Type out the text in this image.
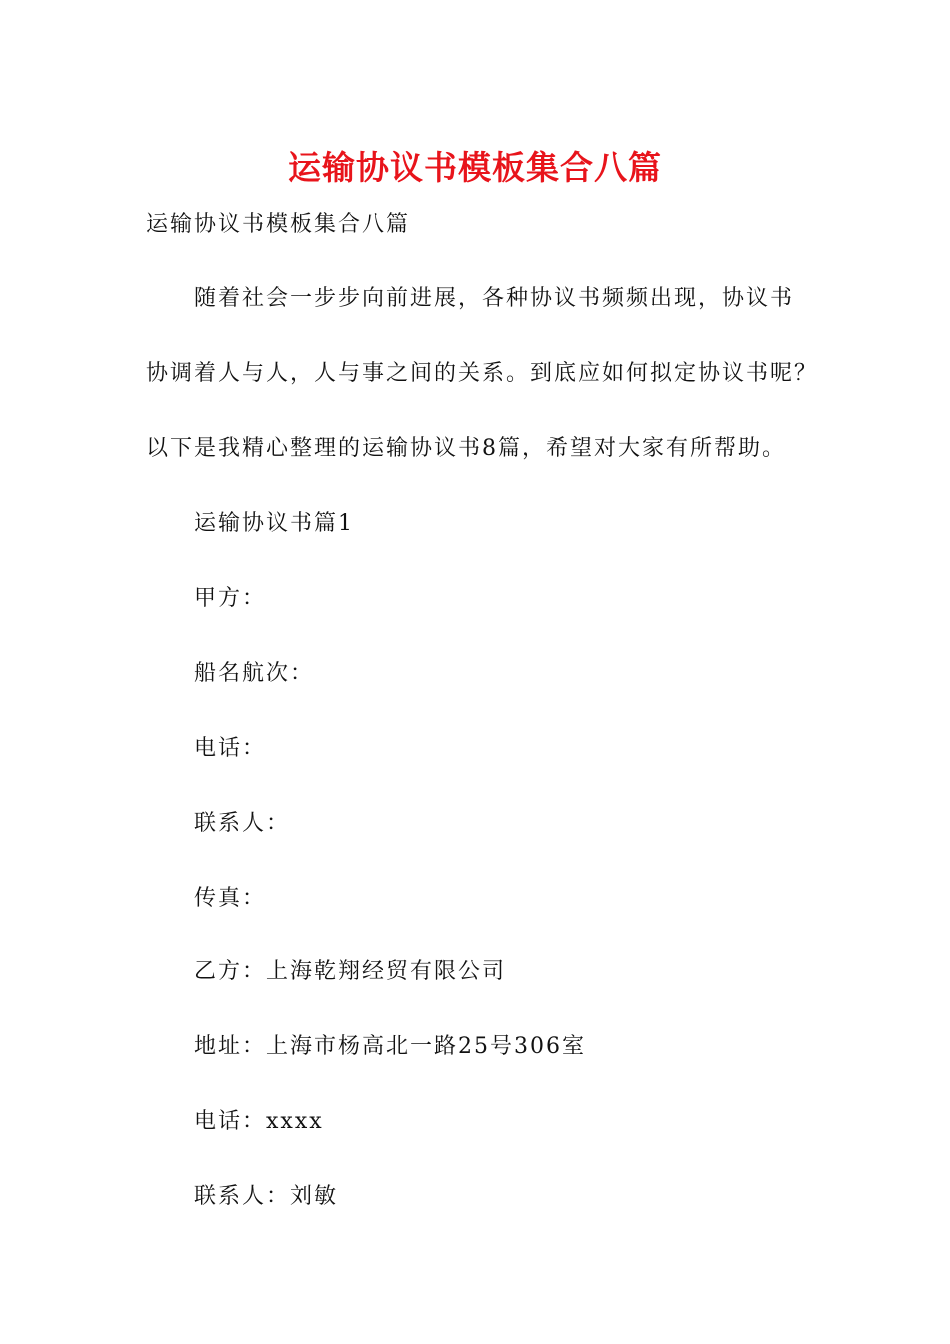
运输协议书模板集合八篇
运输协议书模板集合八篇
随着社会一步步向前进展，各种协议书频频出现，协议书
协调着人与人，人与事之间的关系。到底应如何拟定协议书呢？
以下是我精心整理的运输协议书8篇，希望对大家有所帮助。
运输协议书篇1
甲方：
船名航次：
电话：
联系人：
传真：
乙方：上海乾翔经贸有限公司
地址：上海市杨高北一路25号306室
电话：xxxx
联系人：刘敏
